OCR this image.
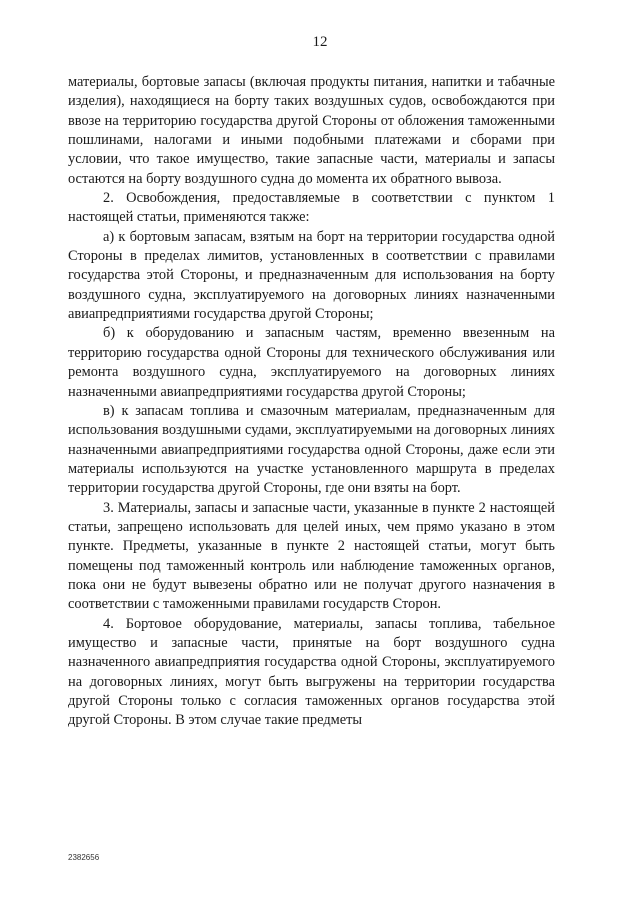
12

материалы, бортовые запасы (включая продукты питания, напитки и табачные изделия), находящиеся на борту таких воздушных судов, освобождаются при ввозе на территорию государства другой Стороны от обложения таможенными пошлинами, налогами и иными подобными платежами и сборами при условии, что такое имущество, такие запасные части, материалы и запасы остаются на борту воздушного судна до момента их обратного вывоза.

2. Освобождения, предоставляемые в соответствии с пунктом 1 настоящей статьи, применяются также:

а) к бортовым запасам, взятым на борт на территории государства одной Стороны в пределах лимитов, установленных в соответствии с правилами государства этой Стороны, и предназначенным для использования на борту воздушного судна, эксплуатируемого на договорных линиях назначенными авиапредприятиями государства другой Стороны;

б) к оборудованию и запасным частям, временно ввезенным на территорию государства одной Стороны для технического обслуживания или ремонта воздушного судна, эксплуатируемого на договорных линиях назначенными авиапредприятиями государства другой Стороны;

в) к запасам топлива и смазочным материалам, предназначенным для использования воздушными судами, эксплуатируемыми на договорных линиях назначенными авиапредприятиями государства одной Стороны, даже если эти материалы используются на участке установленного маршрута в пределах территории государства другой Стороны, где они взяты на борт.

3. Материалы, запасы и запасные части, указанные в пункте 2 настоящей статьи, запрещено использовать для целей иных, чем прямо указано в этом пункте. Предметы, указанные в пункте 2 настоящей статьи, могут быть помещены под таможенный контроль или наблюдение таможенных органов, пока они не будут вывезены обратно или не получат другого назначения в соответствии с таможенными правилами государств Сторон.

4. Бортовое оборудование, материалы, запасы топлива, табельное имущество и запасные части, принятые на борт воздушного судна назначенного авиапредприятия государства одной Стороны, эксплуатируемого на договорных линиях, могут быть выгружены на территории государства другой Стороны только с согласия таможенных органов государства этой другой Стороны. В этом случае такие предметы

2382656
